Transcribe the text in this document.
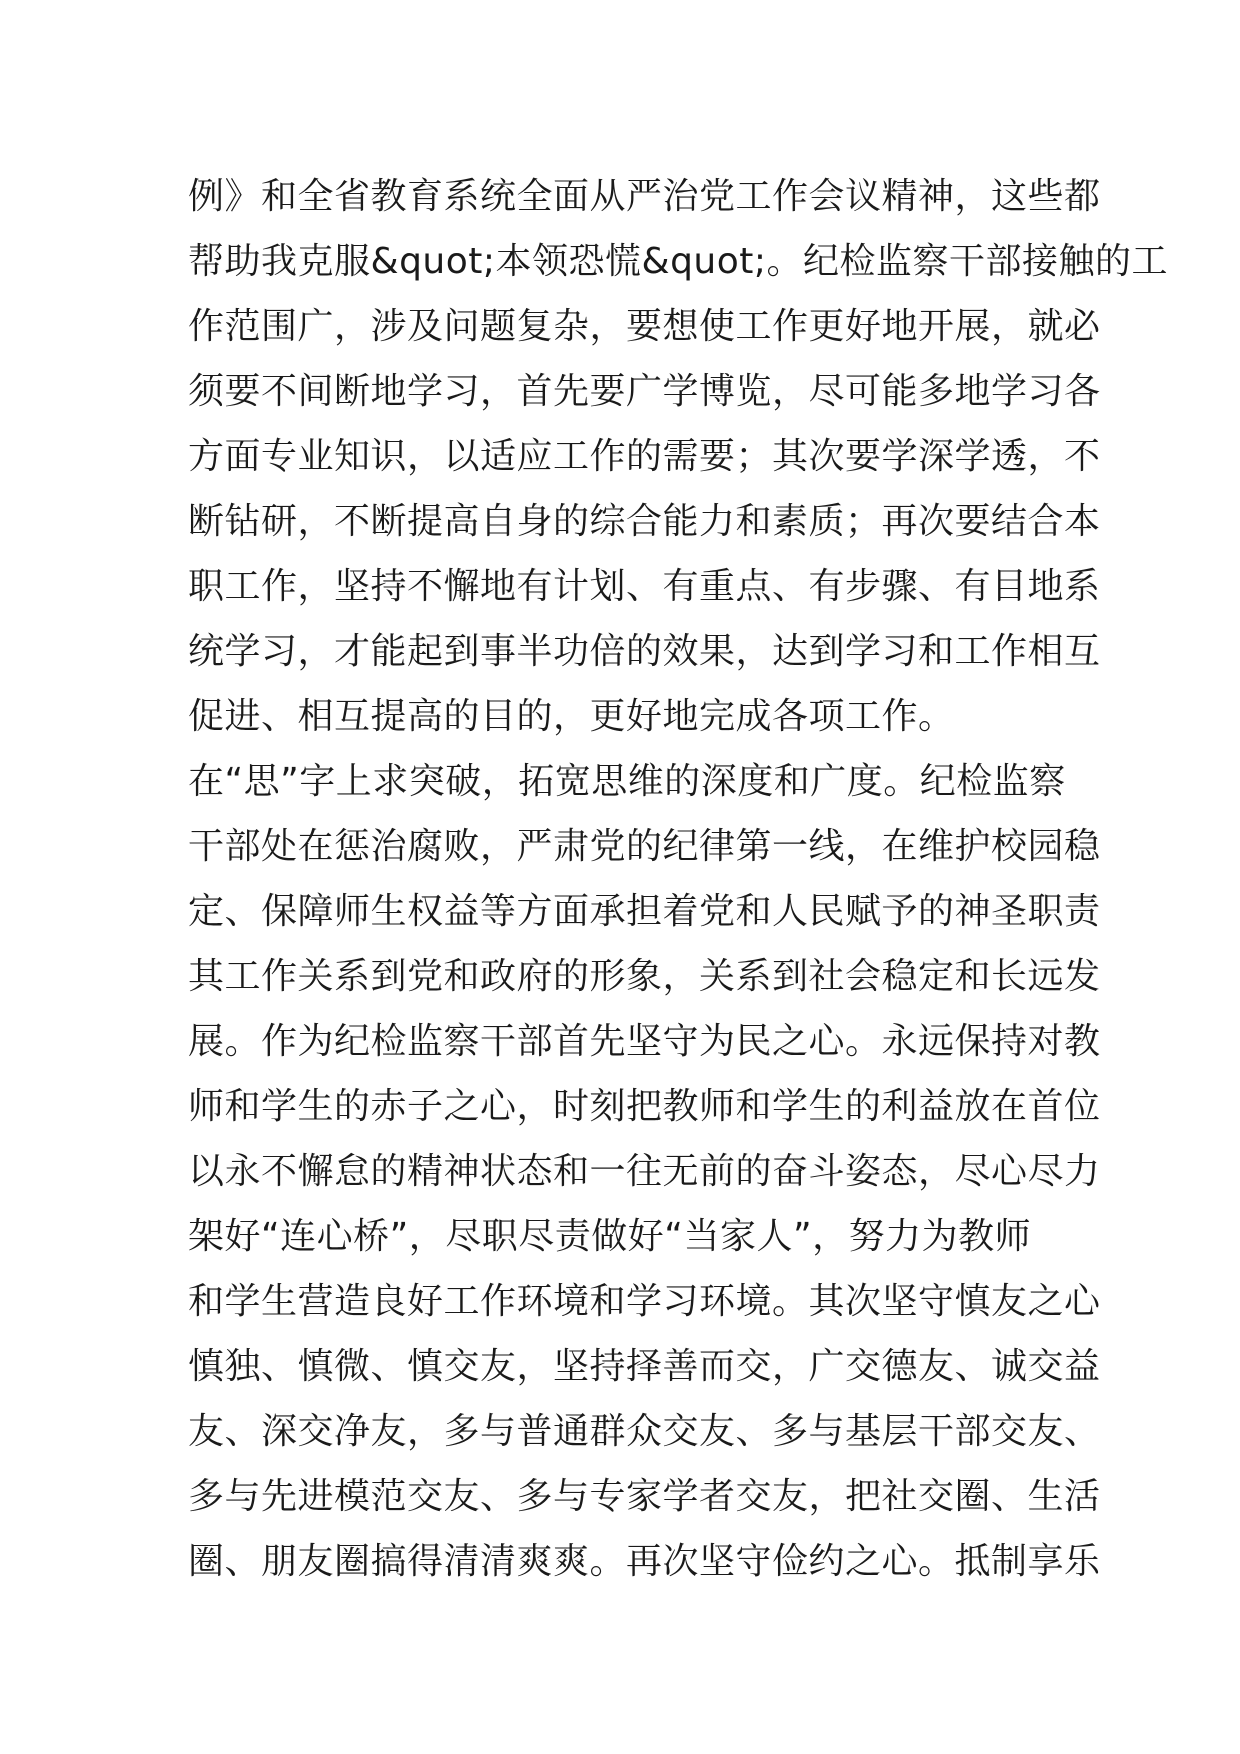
例》和全省教育系统全面从严治党工作会议精神，这些都
帮助我克服&quot;本领恐慌&quot;。纪检监察干部接触的工
作范围广，涉及问题复杂，要想使工作更好地开展，就必
须要不间断地学习，首先要广学博览，尽可能多地学习各
方面专业知识，以适应工作的需要；其次要学深学透，不
断钻研，不断提高自身的综合能力和素质；再次要结合本
职工作，坚持不懈地有计划、有重点、有步骤、有目地系
统学习，才能起到事半功倍的效果，达到学习和工作相互
促进、相互提高的目的，更好地完成各项工作。
在“思”字上求突破，拓宽思维的深度和广度。纪检监察
干部处在惩治腐败，严肃党的纪律第一线，在维护校园稳
定、保障师生权益等方面承担着党和人民赋予的神圣职责
其工作关系到党和政府的形象，关系到社会稳定和长远发
展。作为纪检监察干部首先坚守为民之心。永远保持对教
师和学生的赤子之心，时刻把教师和学生的利益放在首位
以永不懈怠的精神状态和一往无前的奋斗姿态，尽心尽力
架好“连心桥”，尽职尽责做好“当家人”，努力为教师
和学生营造良好工作环境和学习环境。其次坚守慎友之心
慎独、慎微、慎交友，坚持择善而交，广交德友、诚交益
友、深交净友，多与普通群众交友、多与基层干部交友、
多与先进模范交友、多与专家学者交友，把社交圈、生活
圈、朋友圈搞得清清爽爽。再次坚守俭约之心。抵制享乐
